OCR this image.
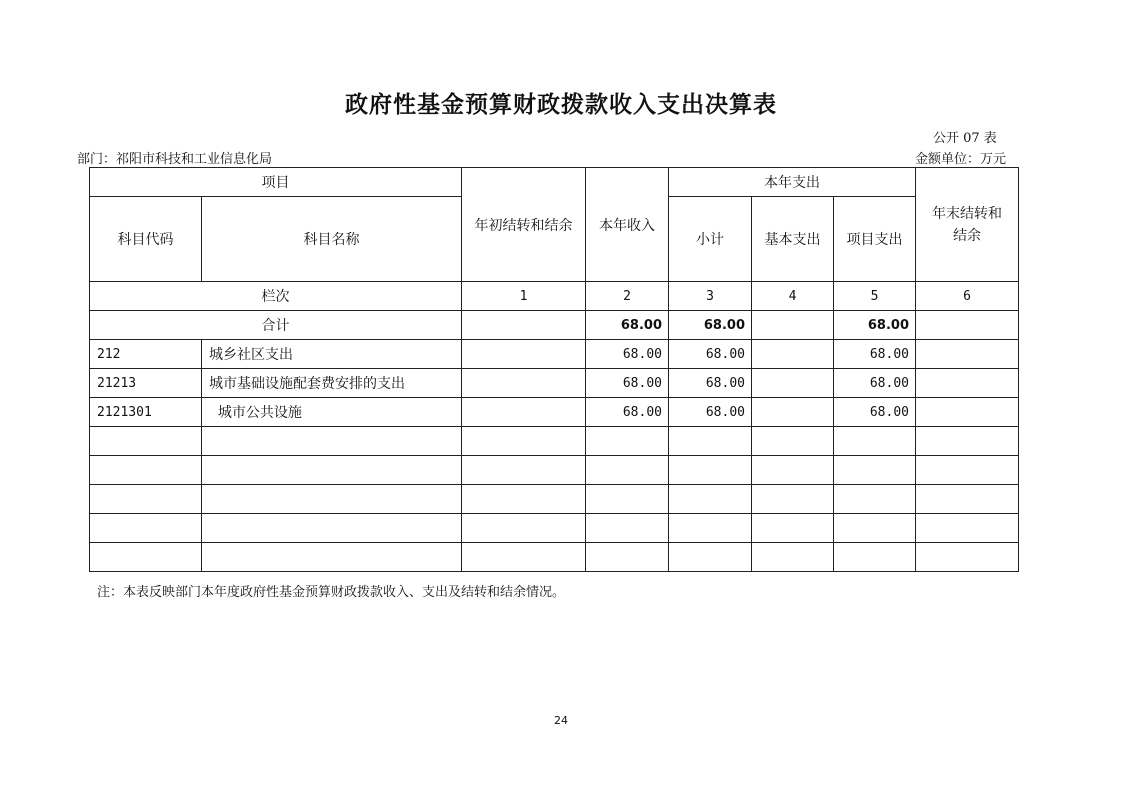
政府性基金预算财政拨款收入支出决算表
公开 07 表
部门：祁阳市科技和工业信息化局	金额单位：万元
项目		年初结转和结余	本年收入	本年支出			年末结转和结余

科目代码	科目名称			小计	基本支出	项目支出	
栏次		1	2	3	4	5	6
合计			68.00	68.00		68.00	
212	城乡社区支出		68.00	68.00		68.00	
21213	城市基础设施配套费安排的支出		68.00	68.00		68.00	
2121301	城市公共设施		68.00	68.00		68.00	

注：本表反映部门本年度政府性基金预算财政拨款收入、支出及结转和结余情况。
24
